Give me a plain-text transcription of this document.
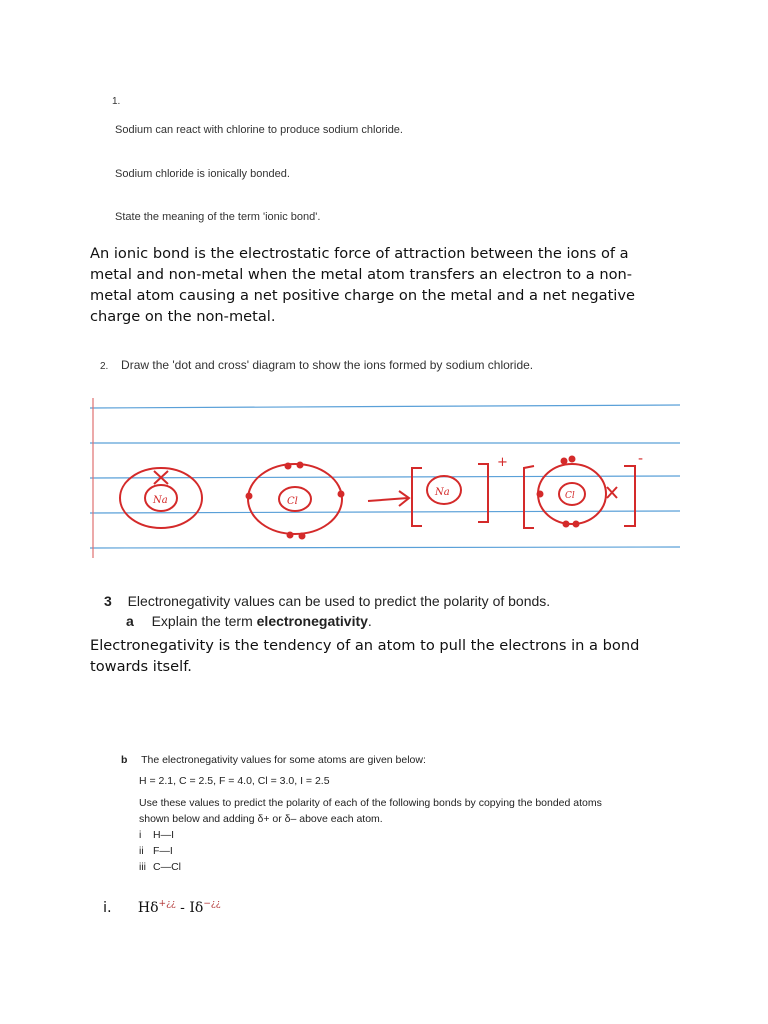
1.
Sodium can react with chlorine to produce sodium chloride.
Sodium chloride is ionically bonded.
State the meaning of the term 'ionic bond'.
An ionic bond is the electrostatic force of attraction between the ions of a
metal and non-metal when the metal atom transfers an electron to a non-
metal atom causing a net positive charge on the metal and a net negative
charge on the non-metal.
2. Draw the 'dot and cross' diagram to show the ions formed by sodium chloride.
Na	Cl
Na
+
Cl
-
3 Electronegativity values can be used to predict the polarity of bonds.
a Explain the term electronegativity.
Electronegativity is the tendency of an atom to pull the electrons in a bond
towards itself.
b The electronegativity values for some atoms are given below:
H = 2.1, C = 2.5, F = 4.0, Cl = 3.0, I = 2.5
Use these values to predict the polarity of each of the following bonds by copying the bonded atoms
shown below and adding δ+ or δ– above each atom.
i H—I
ii F—I
iii C—Cl
i. Hδ+¿¿ - Iδ−¿¿
